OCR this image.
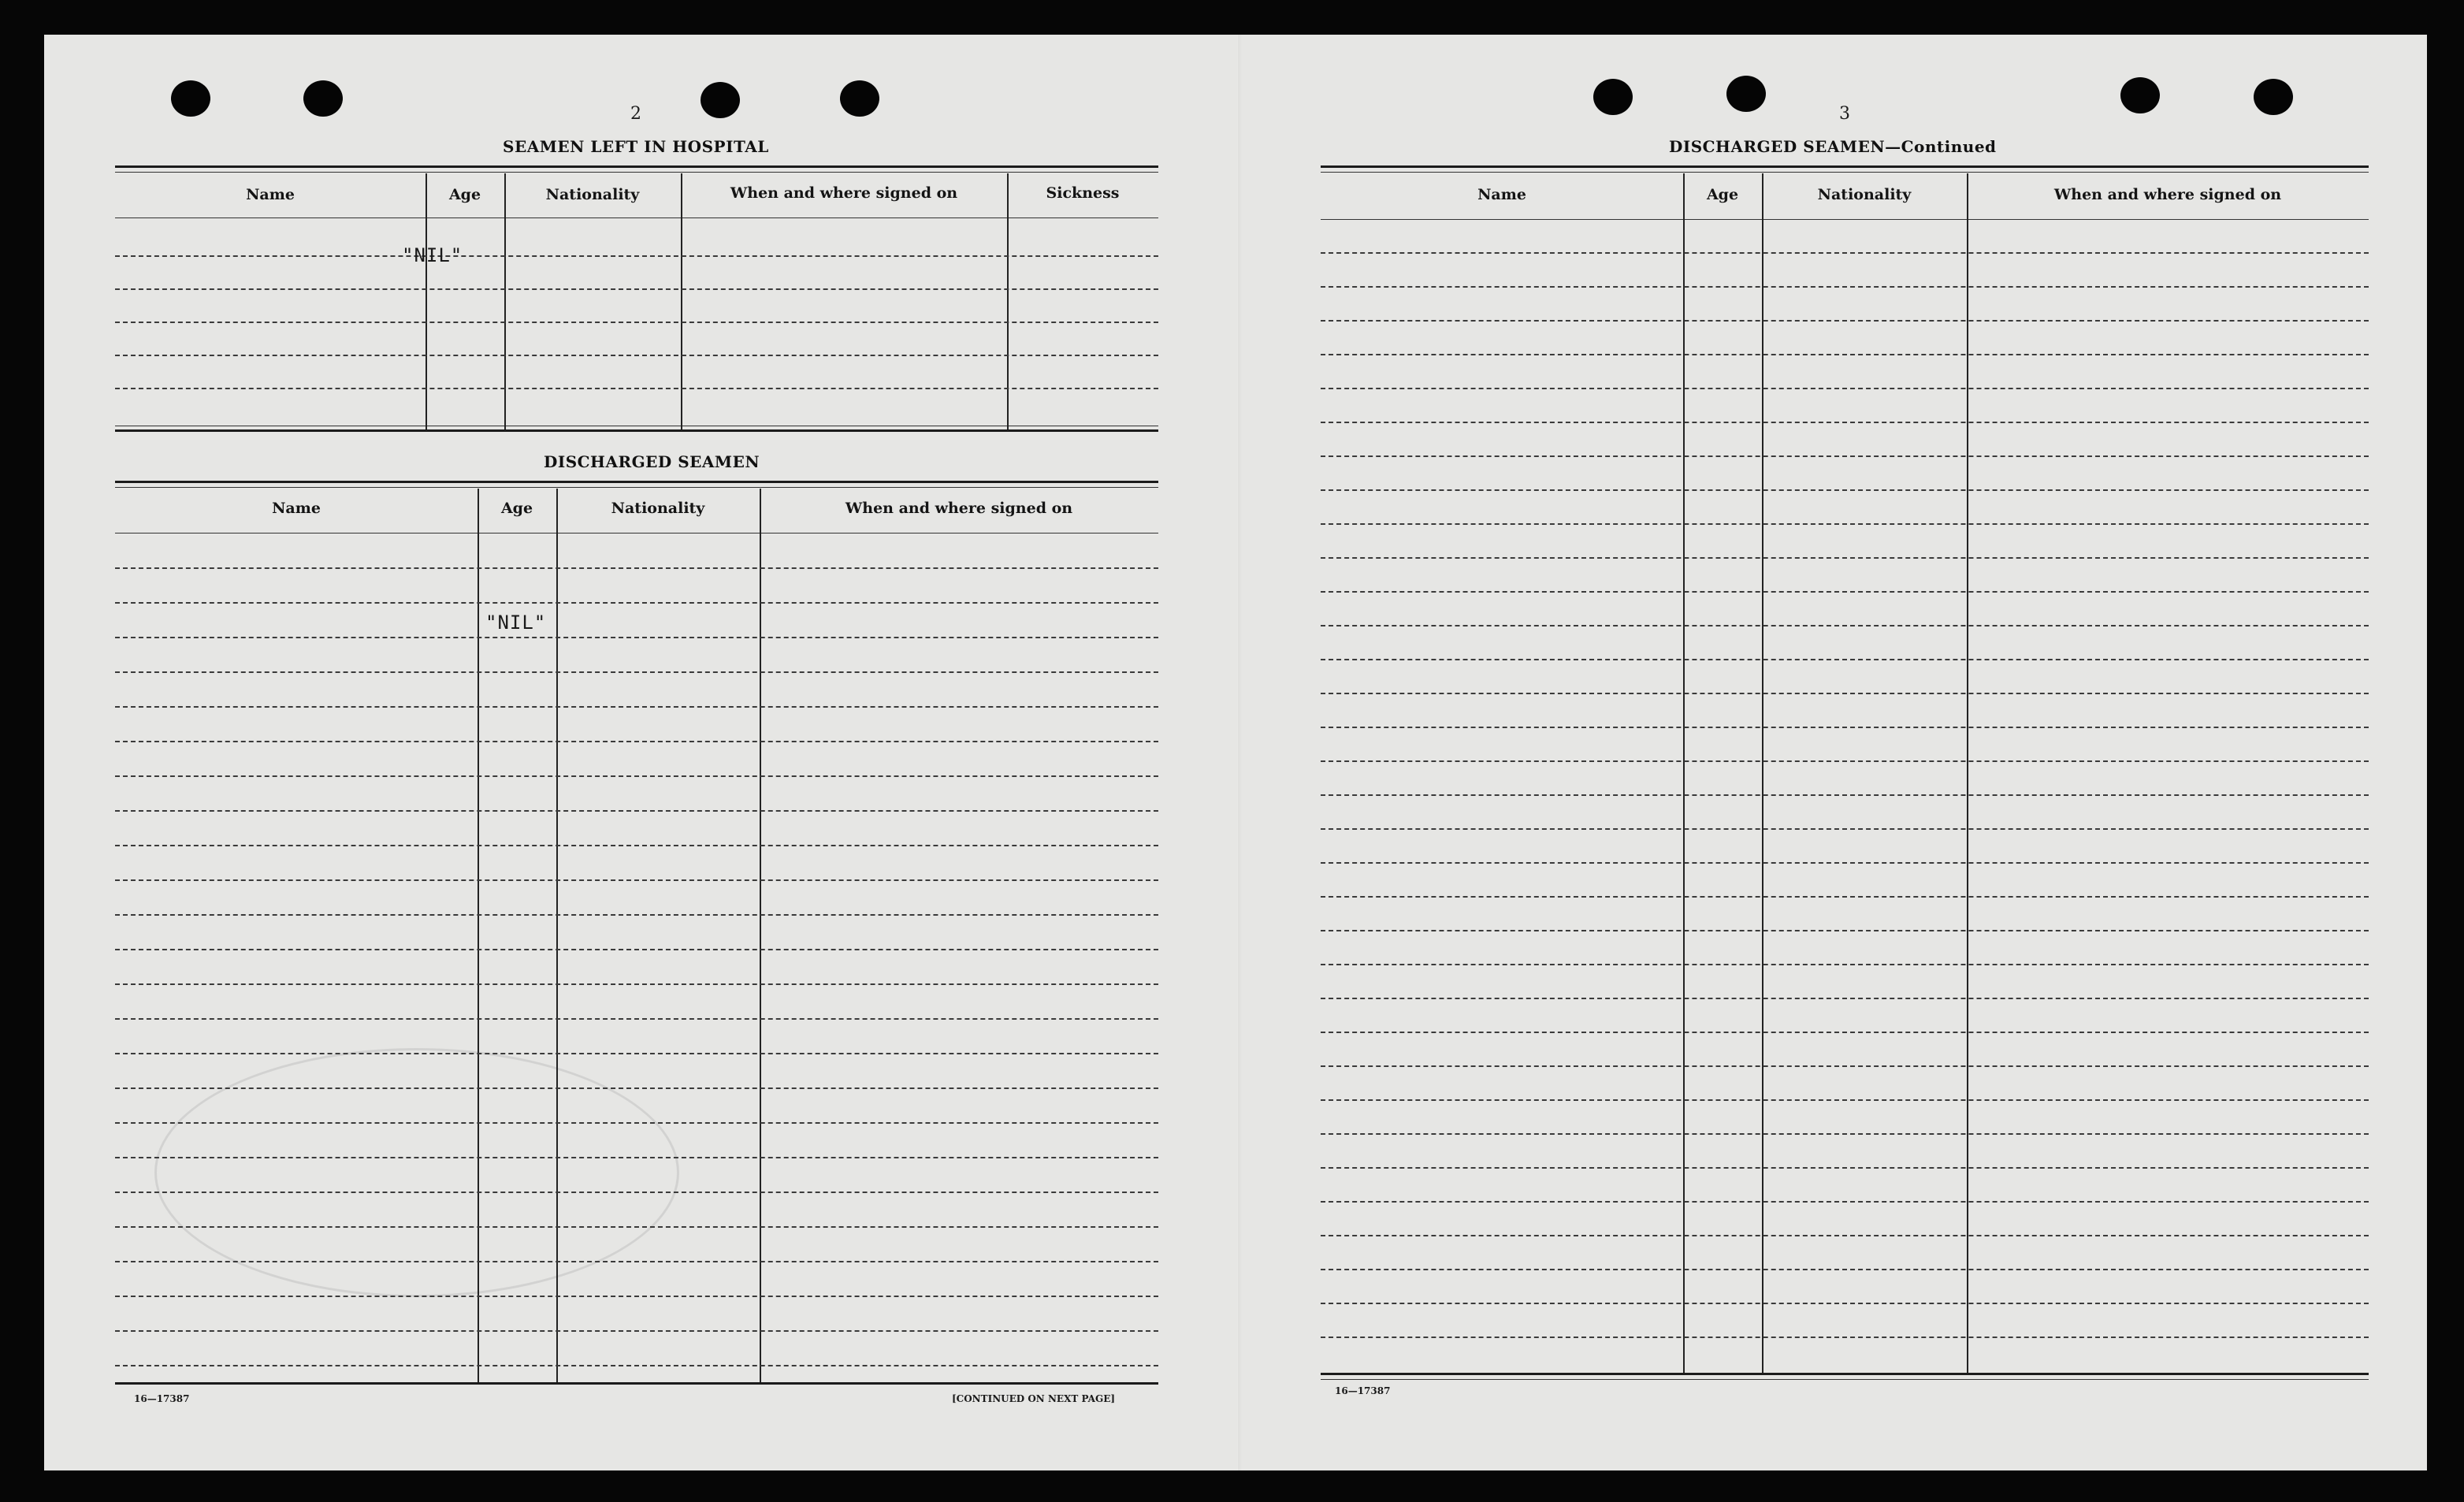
2
SEAMEN LEFT IN HOSPITAL
Name	Age	Nationality	When and where signed on	Sickness
"NIL"
DISCHARGED SEAMEN
Name	Age	Nationality	When and where signed on
"NIL"
16—17387	[CONTINUED ON NEXT PAGE]
3
DISCHARGED SEAMEN—Continued
Name	Age	Nationality	When and where signed on
16—17387
